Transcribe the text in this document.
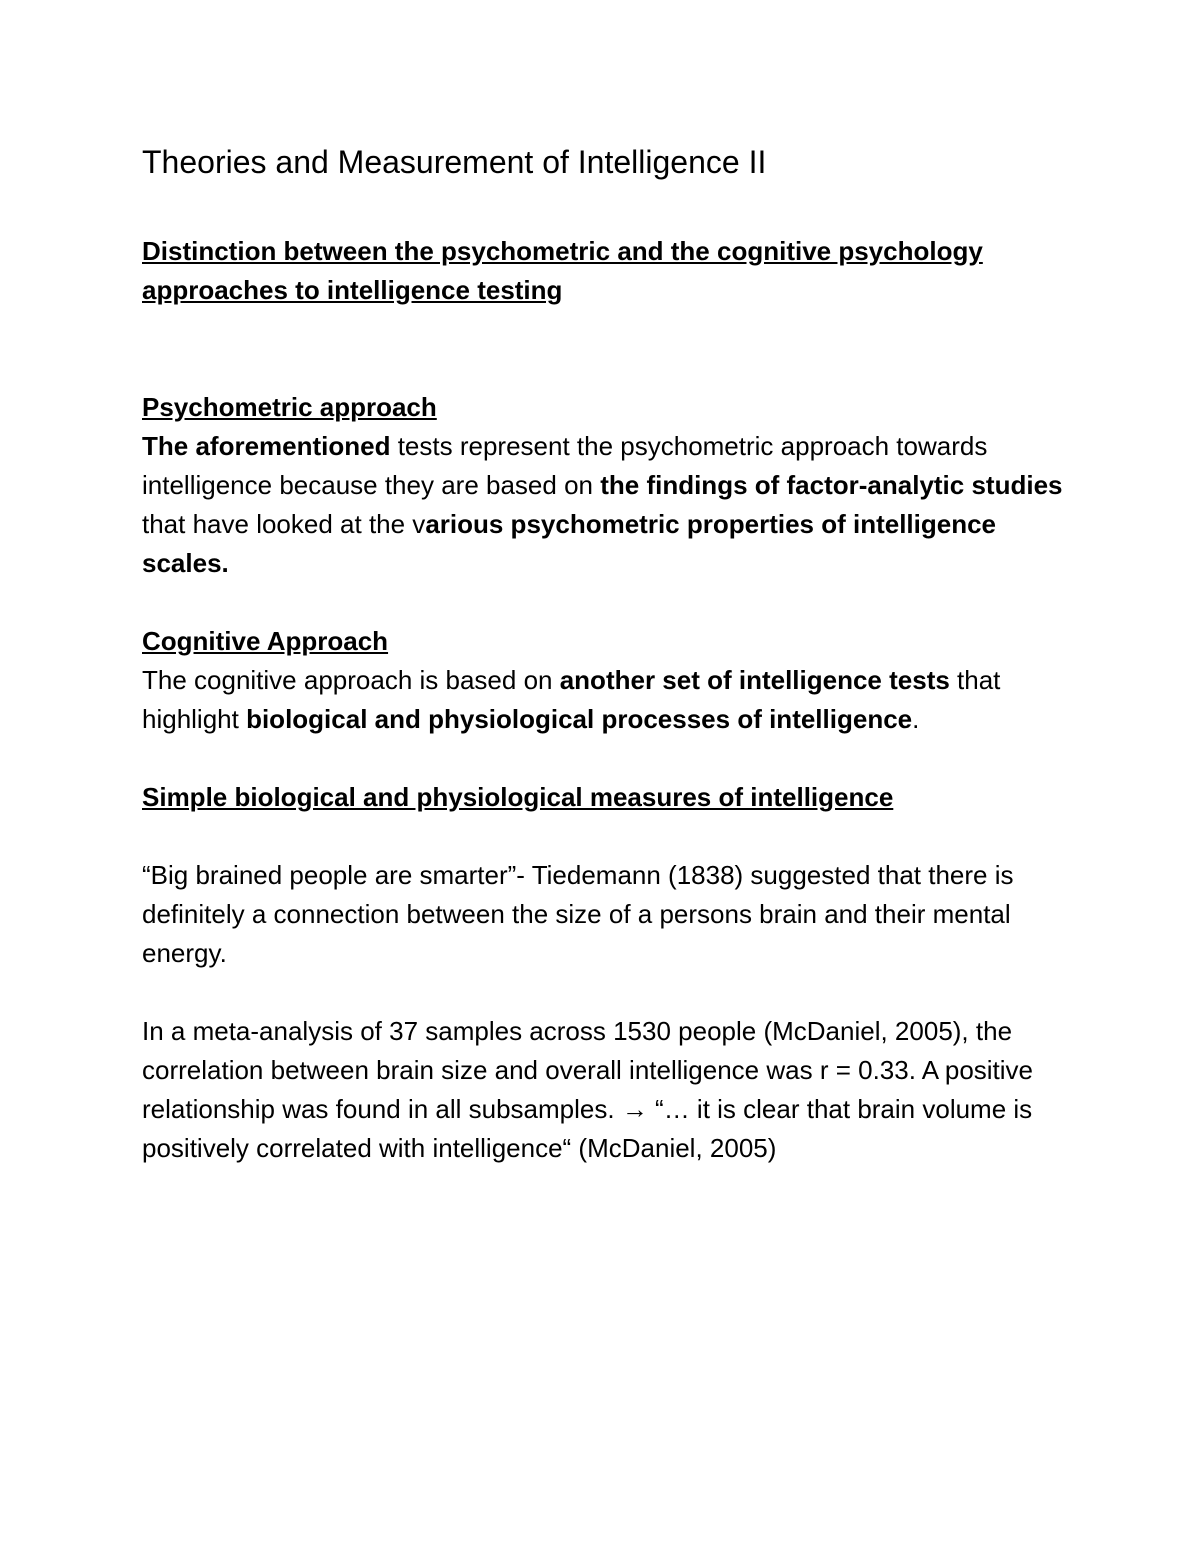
Theories and Measurement of Intelligence II

Distinction between the psychometric and the cognitive psychology approaches to intelligence testing

Psychometric approach

The aforementioned tests represent the psychometric approach towards intelligence because they are based on the findings of factor-analytic studies that have looked at the various psychometric properties of intelligence scales.

Cognitive Approach

The cognitive approach is based on another set of intelligence tests that highlight biological and physiological processes of intelligence.

Simple biological and physiological measures of intelligence

“Big brained people are smarter”- Tiedemann (1838) suggested that there is definitely a connection between the size of a persons brain and their mental energy.

In a meta-analysis of 37 samples across 1530 people (McDaniel, 2005), the correlation between brain size and overall intelligence was r = 0.33. A positive relationship was found in all subsamples. → “… it is clear that brain volume is positively correlated with intelligence“ (McDaniel, 2005)
